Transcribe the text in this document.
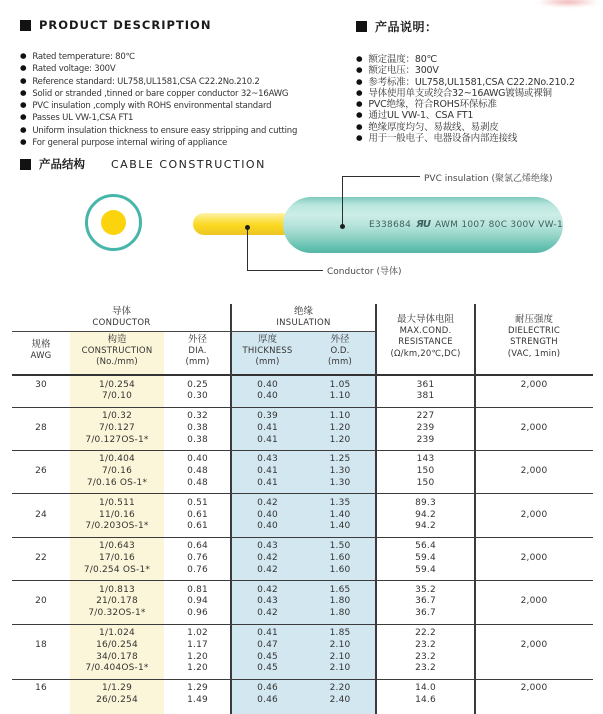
PRODUCT DESCRIPTION
● Rated temperature: 80℃
● Rated voltage: 300V
● Reference standard: UL758,UL1581,CSA C22.2No.210.2
● Solid or stranded ,tinned or bare copper conductor 32~16AWG
● PVC insulation ,comply with ROHS environmental standard
● Passes UL VW-1,CSA FT1
● Uniform insulation thickness to ensure easy stripping and cutting
● For general purpose internal wiring of appliance
产品说明：
● 额定温度：80℃
● 额定电压：300V
● 参考标准：UL758,UL1581,CSA C22.2No.210.2
● 导体使用单支或绞合32~16AWG镀锡或裸铜
● PVC绝缘，符合ROHS环保标准
● 通过UL VW-1、CSA FT1
● 绝缘厚度均匀、易裁线、易剥皮
● 用于一般电子、电器设备内部连接线
产品结构 CABLE CONSTRUCTION
E338684 ЯU AWM 1007 80C 300V VW-1
PVC insulation (聚氯乙烯绝缘)
Conductor (导体)
导体
CONDUCTOR
绝缘
INSULATION
规格
AWG
构造
CONSTRUCTION
(No./mm)
外径
DIA.
(mm)
厚度
THICKNESS
(mm)
外径
O.D.
(mm)
最大导体电阻
MAX.COND.
RESISTANCE
(Ω/km,20℃,DC)
耐压强度
DIELECTRIC
STRENGTH
(VAC, 1min)
30	1/0.254
7/0.10
0.25
0.30
0.40
0.40
1.05
1.10
361
381
2,000
28
1/0.32
7/0.127
7/0.127OS-1*
0.32
0.38
0.38
0.39
0.41
0.41
1.10
1.20
1.20
227
239
239
2,000
26
1/0.404
7/0.16
7/0.16 OS-1*
0.40
0.48
0.48
0.43
0.41
0.41
1.25
1.30
1.30
143
150
150
2,000
24
1/0.511
11/0.16
7/0.203OS-1*
0.51
0.61
0.61
0.42
0.40
0.40
1.35
1.40
1.40
89.3
94.2
94.2
2,000
22
1/0.643
17/0.16
7/0.254 OS-1*
0.64
0.76
0.76
0.43
0.42
0.42
1.50
1.60
1.60
56.4
59.4
59.4
2,000
20
1/0.813
21/0.178
7/0.32OS-1*
0.81
0.94
0.96
0.42
0.43
0.42
1.65
1.80
1.80
35.2
36.7
36.7
2,000
18
1/1.024
16/0.254
34/0.178
7/0.404OS-1*
1.02
1.17
1.20
1.20
0.41
0.47
0.45
0.45
1.85
2.10
2.10
2.10
22.2
23.2
23.2
23.2
2,000
16	1/1.29
26/0.254
1.29
1.49
0.46
0.46
2.20
2.40
14.0
14.6
2,000
